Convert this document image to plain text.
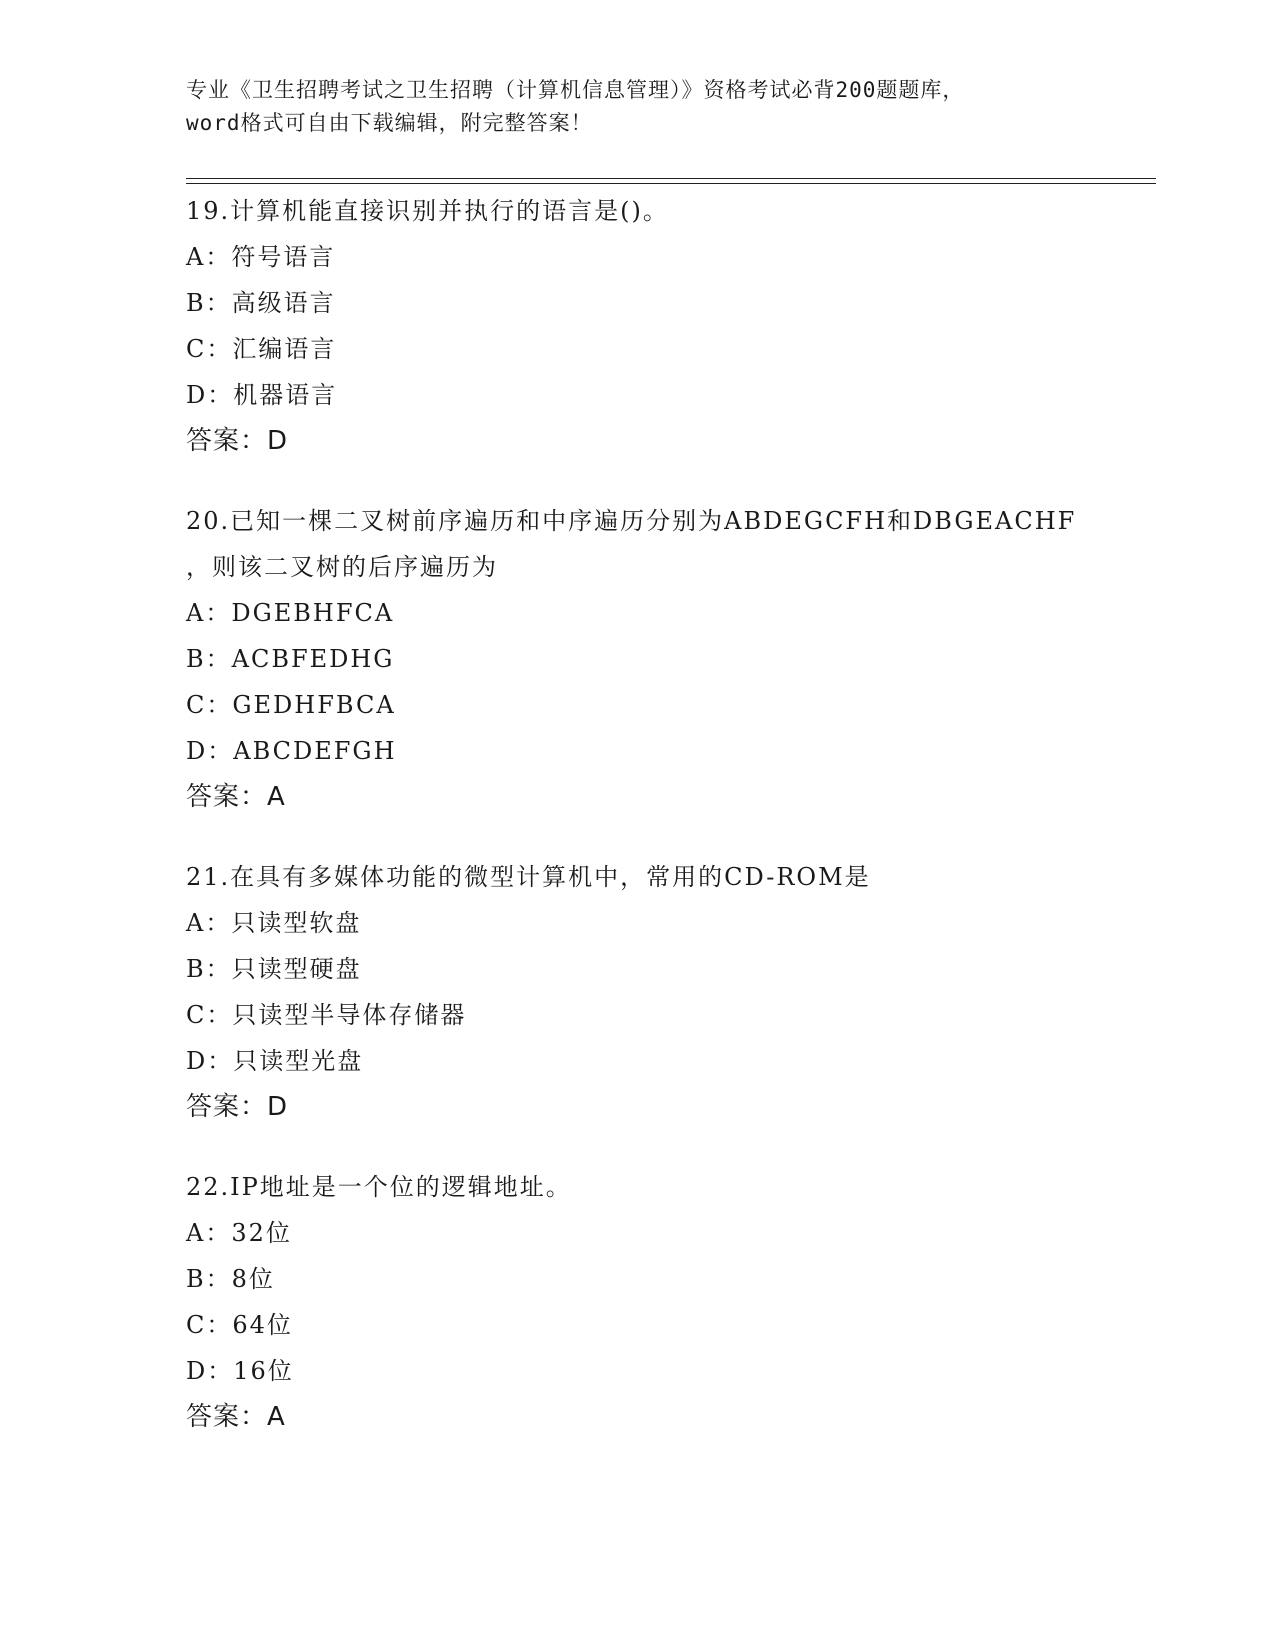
专业《卫生招聘考试之卫生招聘（计算机信息管理）》资格考试必背200题题库，
word格式可自由下载编辑，附完整答案！
19.计算机能直接识别并执行的语言是()。
A：符号语言
B：高级语言
C：汇编语言
D：机器语言
答案：D
20.已知一棵二叉树前序遍历和中序遍历分别为ABDEGCFH和DBGEACHF
，则该二叉树的后序遍历为
A：DGEBHFCA
B：ACBFEDHG
C：GEDHFBCA
D：ABCDEFGH
答案：A
21.在具有多媒体功能的微型计算机中，常用的CD-ROM是
A：只读型软盘
B：只读型硬盘
C：只读型半导体存储器
D：只读型光盘
答案：D
22.IP地址是一个位的逻辑地址。
A：32位
B：8位
C：64位
D：16位
答案：A
